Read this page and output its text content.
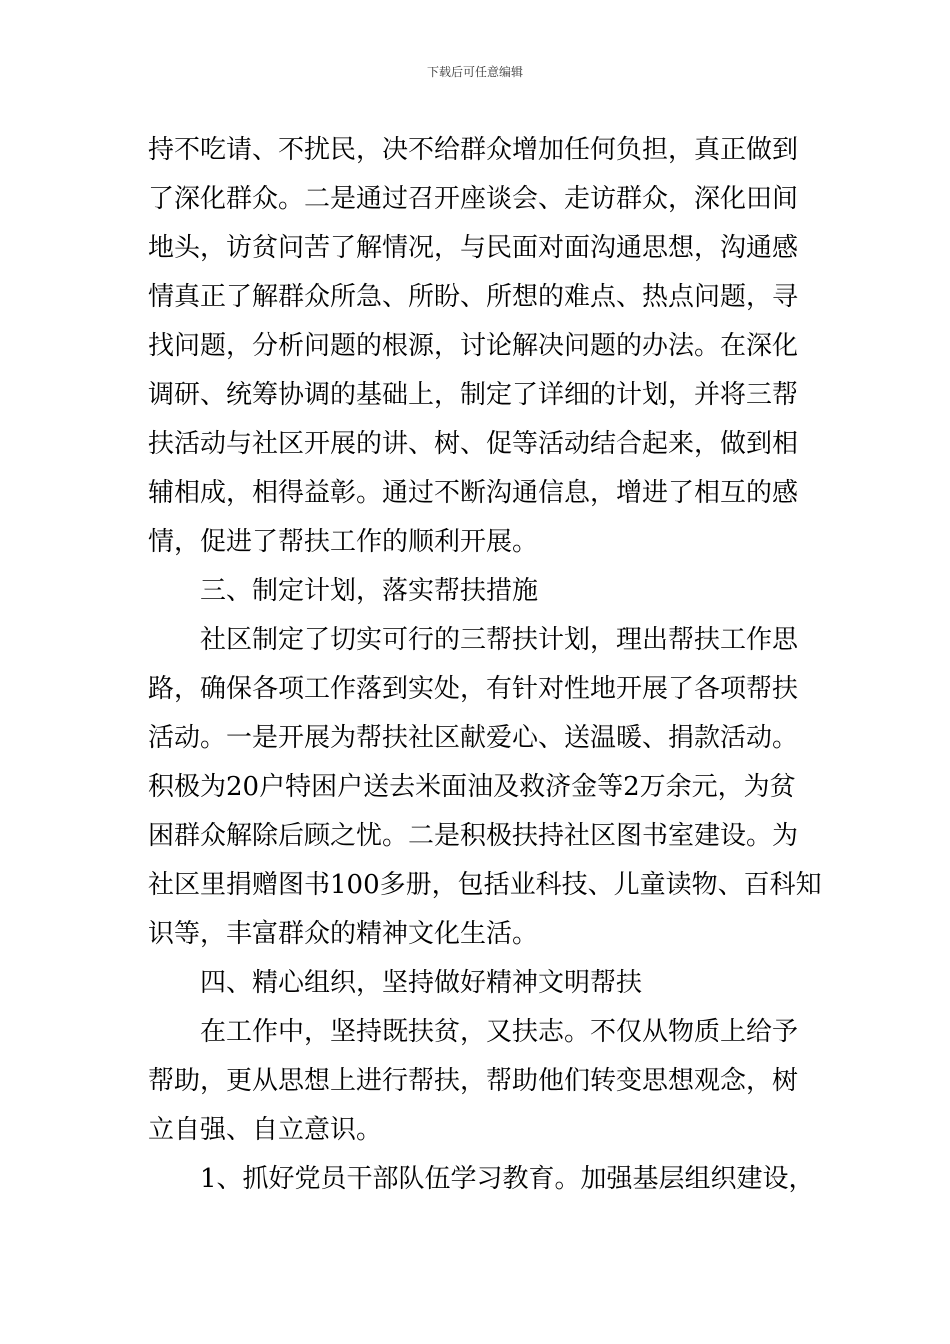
下载后可任意编辑
持不吃请、不扰民，决不给群众增加任何负担，真正做到
了深化群众。二是通过召开座谈会、走访群众，深化田间
地头，访贫问苦了解情况，与民面对面沟通思想，沟通感
情真正了解群众所急、所盼、所想的难点、热点问题，寻
找问题，分析问题的根源，讨论解决问题的办法。在深化
调研、统筹协调的基础上，制定了详细的计划，并将三帮
扶活动与社区开展的讲、树、促等活动结合起来，做到相
辅相成，相得益彰。通过不断沟通信息，增进了相互的感
情，促进了帮扶工作的顺利开展。
　　三、制定计划，落实帮扶措施
　　社区制定了切实可行的三帮扶计划，理出帮扶工作思
路，确保各项工作落到实处，有针对性地开展了各项帮扶
活动。一是开展为帮扶社区献爱心、送温暖、捐款活动。
积极为20户特困户送去米面油及救济金等2万余元，为贫
困群众解除后顾之忧。二是积极扶持社区图书室建设。为
社区里捐赠图书100多册，包括业科技、儿童读物、百科知
识等，丰富群众的精神文化生活。
　　四、精心组织，坚持做好精神文明帮扶
　　在工作中，坚持既扶贫，又扶志。不仅从物质上给予
帮助，更从思想上进行帮扶，帮助他们转变思想观念，树
立自强、自立意识。
　　1、抓好党员干部队伍学习教育。加强基层组织建设，
